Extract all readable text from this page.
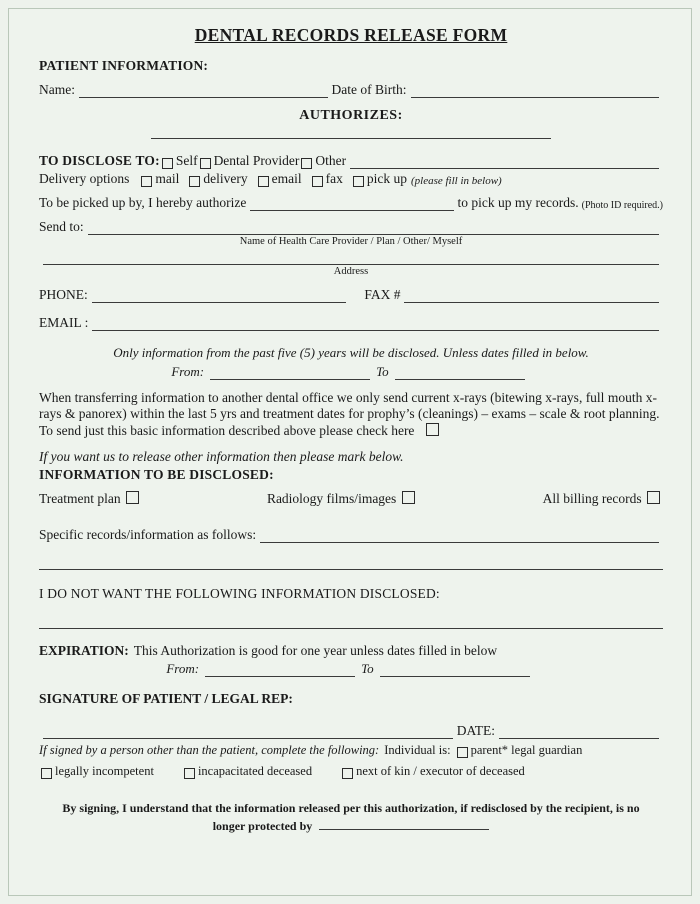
DENTAL RECORDS RELEASE FORM
PATIENT INFORMATION:
Name:	Date of Birth:
AUTHORIZES:
TO DISCLOSE TO: Self Dental Provider Other
Delivery options mail delivery email fax pick up (please fill in below)
To be picked up by, I hereby authorize	to pick up my records. (Photo ID required.)
Send to:
Name of Health Care Provider / Plan / Other/ Myself
Address
PHONE:	FAX #
EMAIL :
Only information from the past five (5) years will be disclosed. Unless dates filled in below.
From:	To
When transferring information to another dental office we only send current x-rays (bitewing x-rays, full mouth x-rays & panorex) within the last 5 yrs and treatment dates for prophy’s (cleanings) – exams – scale & root planning. To send just this basic information described above please check here
If you want us to release other information then please mark below.
INFORMATION TO BE DISCLOSED:
Treatment plan	Radiology films/images	All billing records
Specific records/information as follows:
I DO NOT WANT THE FOLLOWING INFORMATION DISCLOSED:
EXPIRATION: This Authorization is good for one year unless dates filled in below
From:	To
SIGNATURE OF PATIENT / LEGAL REP:
DATE:
If signed by a person other than the patient, complete the following: Individual is: parent* legal guardian
legally incompetent	incapacitated deceased	next of kin / executor of deceased
By signing, I understand that the information released per this authorization, if redisclosed by the recipient, is no
longer protected by
